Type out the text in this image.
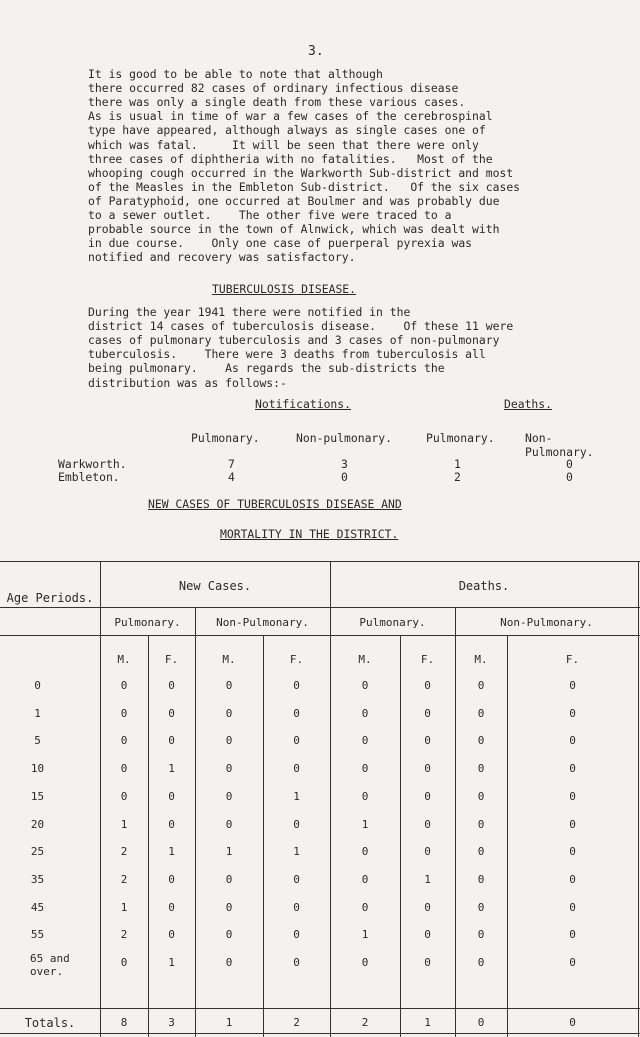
3.
It is good to be able to note that although
there occurred 82 cases of ordinary infectious disease
there was only a single death from these various cases.
As is usual in time of war a few cases of the cerebrospinal
type have appeared, although always as single cases one of
which was fatal.     It will be seen that there were only
three cases of diphtheria with no fatalities.   Most of the
whooping cough occurred in the Warkworth Sub-district and most
of the Measles in the Embleton Sub-district.   Of the six cases
of Paratyphoid, one occurred at Boulmer and was probably due
to a sewer outlet.    The other five were traced to a
probable source in the town of Alnwick, which was dealt with
in due course.    Only one case of puerperal pyrexia was
notified and recovery was satisfactory.
TUBERCULOSIS DISEASE.
During the year 1941 there were notified in the
district 14 cases of tuberculosis disease.    Of these 11 were
cases of pulmonary tuberculosis and 3 cases of non-pulmonary
tuberculosis.    There were 3 deaths from tuberculosis all
being pulmonary.    As regards the sub-districts the
distribution was as follows:-
Notifications.	Deaths.
Pulmonary.	Non-pulmonary.	Pulmonary.	Non-
Pulmonary.
Warkworth.	7	3	1	0
Embleton.	4	0	2	0
NEW CASES OF TUBERCULOSIS DISEASE AND
MORTALITY IN THE DISTRICT.
Age Periods.
New Cases.	Deaths.
Pulmonary.	Non-Pulmonary.	Pulmonary.	Non-Pulmonary.
M.	F.	M.	F.	M.	F.	M.	F.
0	0	0	0	0	0	0	0	0
1	0	0	0	0	0	0	0	0
5	0	0	0	0	0	0	0	0
10	0	1	0	0	0	0	0	0
15	0	0	0	1	0	0	0	0
20	1	0	0	0	1	0	0	0
25	2	1	1	1	0	0	0	0
35	2	0	0	0	0	1	0	0
45	1	0	0	0	0	0	0	0
55	2	0	0	0	1	0	0	0
65 and over.
0	1	0	0	0	0	0	0
Totals.	8	3	1	2	2	1	0	0
